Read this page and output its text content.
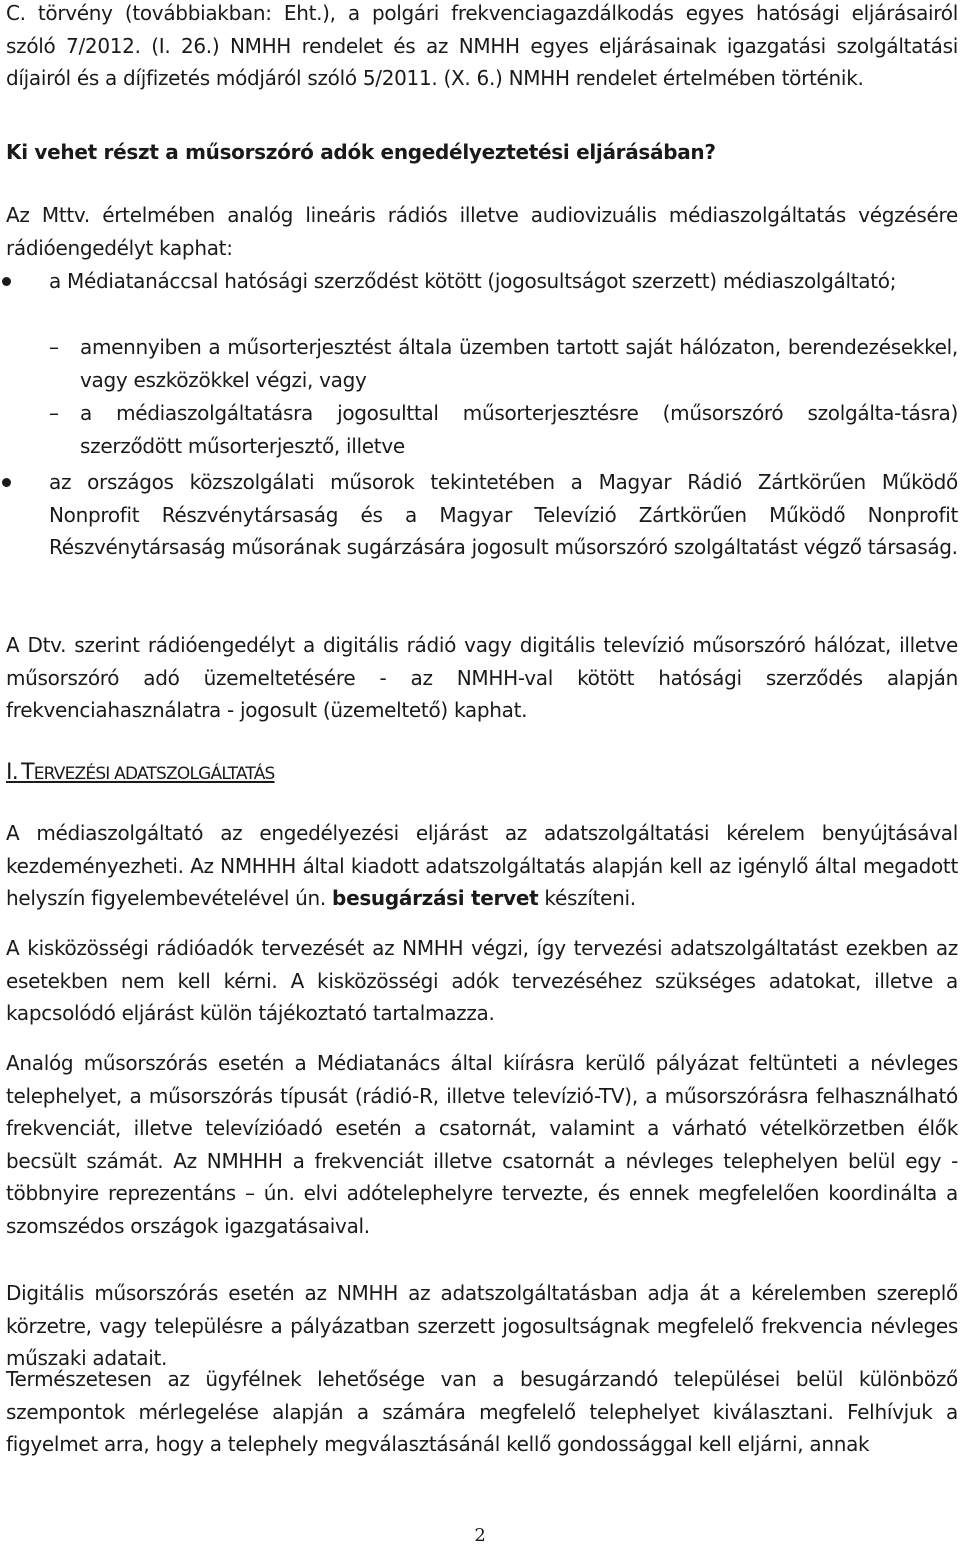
C. törvény (továbbiakban: Eht.), a polgári frekvenciagazdálkodás egyes hatósági eljárásairól szóló 7/2012. (I. 26.) NMHH rendelet és az NMHH egyes eljárásainak igazgatási szolgáltatási díjairól és a díjfizetés módjáról szóló 5/2011. (X. 6.) NMHH rendelet értelmében történik.
Ki vehet részt a műsorszóró adók engedélyeztetési eljárásában?
Az Mttv. értelmében analóg lineáris rádiós illetve audiovizuális médiaszolgáltatás végzésére rádióengedélyt kaphat:
a Médiatanáccsal hatósági szerződést kötött (jogosultságot szerzett) médiaszolgáltató;
– amennyiben a műsorterjesztést általa üzemben tartott saját hálózaton, berendezésekkel, vagy eszközökkel végzi, vagy
– a médiaszolgáltatásra jogosulttal műsorterjesztésre (műsorszóró szolgálta-tásra) szerződött műsorterjesztő, illetve
az országos közszolgálati műsorok tekintetében a Magyar Rádió Zártkörűen Működő Nonprofit Részvénytársaság és a Magyar Televízió Zártkörűen Működő Nonprofit Részvénytársaság műsorának sugárzására jogosult műsorszóró szolgáltatást végző társaság.
A Dtv. szerint rádióengedélyt a digitális rádió vagy digitális televízió műsorszóró hálózat, illetve műsorszóró adó üzemeltetésére - az NMHH-val kötött hatósági szerződés alapján frekvenciahasználatra - jogosult (üzemeltető) kaphat.
I. TERVEZÉSI ADATSZOLGÁLTATÁS
A médiaszolgáltató az engedélyezési eljárást az adatszolgáltatási kérelem benyújtásával kezdeményezheti. Az NMHHH által kiadott adatszolgáltatás alapján kell az igénylő által megadott helyszín figyelembevételével ún. besugárzási tervet készíteni.
A kisközösségi rádióadók tervezését az NMHH végzi, így tervezési adatszolgáltatást ezekben az esetekben nem kell kérni. A kisközösségi adók tervezéséhez szükséges adatokat, illetve a kapcsolódó eljárást külön tájékoztató tartalmazza.
Analóg műsorszórás esetén a Médiatanács által kiírásra kerülő pályázat feltünteti a névleges telephelyet, a műsorszórás típusát (rádió-R, illetve televízió-TV), a műsorszórásra felhasználható frekvenciát, illetve televízióadó esetén a csatornát, valamint a várható vételkörzetben élők becsült számát. Az NMHHH a frekvenciát illetve csatornát a névleges telephelyen belül egy - többnyire reprezentáns – ún. elvi adótelephelyre tervezte, és ennek megfelelően koordinálta a szomszédos országok igazgatásaival.
Digitális műsorszórás esetén az NMHH az adatszolgáltatásban adja át a kérelemben szereplő körzetre, vagy településre a pályázatban szerzett jogosultságnak megfelelő frekvencia névleges műszaki adatait.
Természetesen az ügyfélnek lehetősége van a besugárzandó települései belül különböző szempontok mérlegelése alapján a számára megfelelő telephelyet kiválasztani. Felhívjuk a figyelmet arra, hogy a telephely megválasztásánál kellő gondossággal kell eljárni, annak
2
